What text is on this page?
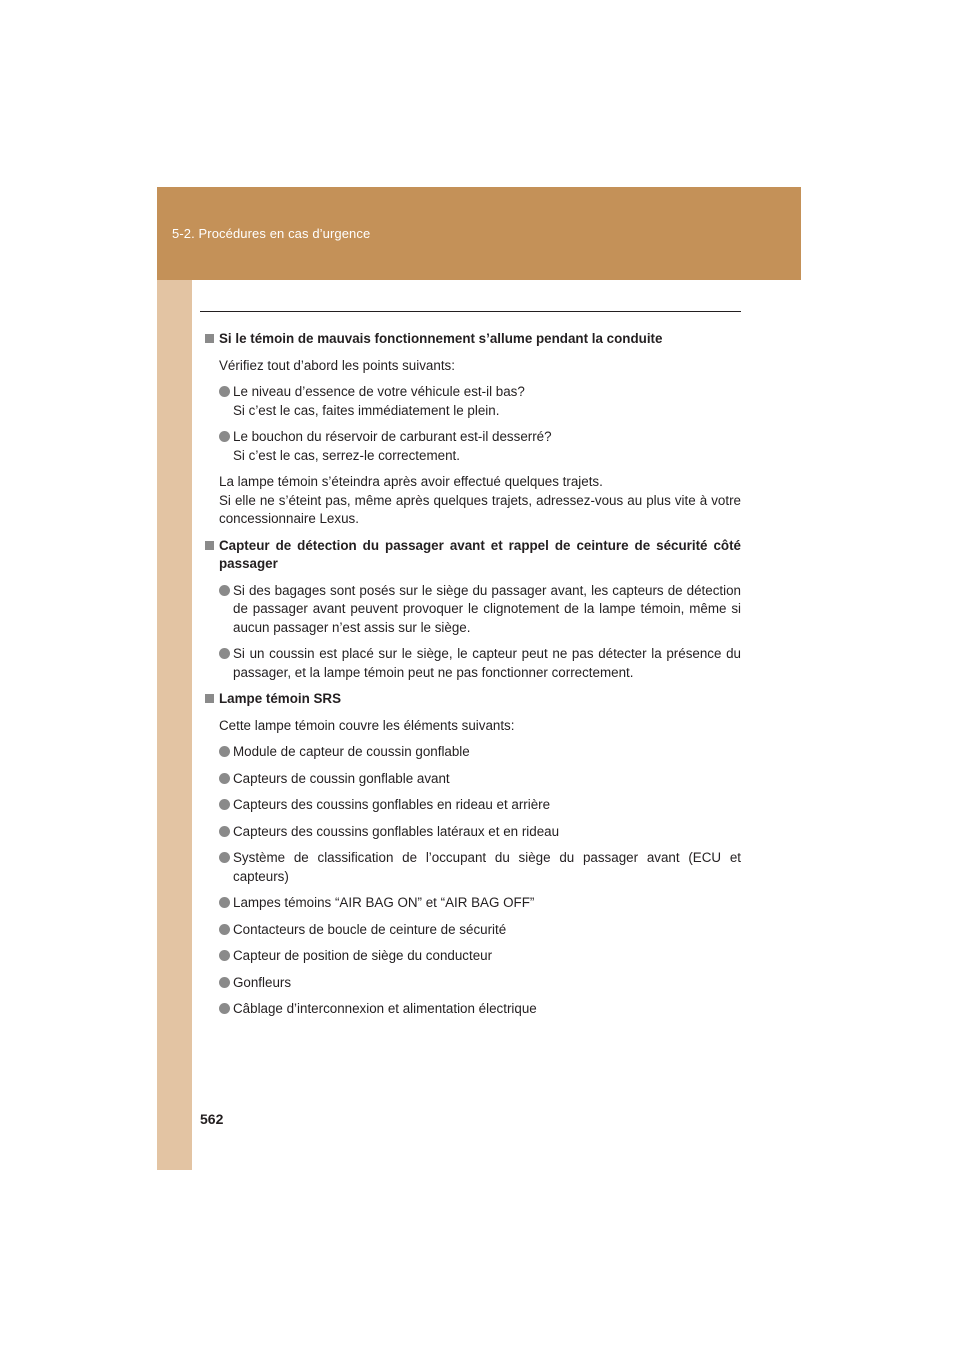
5-2. Procédures en cas d’urgence
Si le témoin de mauvais fonctionnement s’allume pendant la conduite
Vérifiez tout d’abord les points suivants:
Le niveau d’essence de votre véhicule est-il bas?
Si c’est le cas, faites immédiatement le plein.
Le bouchon du réservoir de carburant est-il desserré?
Si c’est le cas, serrez-le correctement.
La lampe témoin s’éteindra après avoir effectué quelques trajets.
Si elle ne s’éteint pas, même après quelques trajets, adressez-vous au plus vite à votre concessionnaire Lexus.
Capteur de détection du passager avant et rappel de ceinture de sécurité côté passager
Si des bagages sont posés sur le siège du passager avant, les capteurs de détection de passager avant peuvent provoquer le clignotement de la lampe témoin, même si aucun passager n’est assis sur le siège.
Si un coussin est placé sur le siège, le capteur peut ne pas détecter la présence du passager, et la lampe témoin peut ne pas fonctionner correctement.
Lampe témoin SRS
Cette lampe témoin couvre les éléments suivants:
Module de capteur de coussin gonflable
Capteurs de coussin gonflable avant
Capteurs des coussins gonflables en rideau et arrière
Capteurs des coussins gonflables latéraux et en rideau
Système de classification de l’occupant du siège du passager avant (ECU et capteurs)
Lampes témoins “AIR BAG ON” et “AIR BAG OFF”
Contacteurs de boucle de ceinture de sécurité
Capteur de position de siège du conducteur
Gonfleurs
Câblage d’interconnexion et alimentation électrique
562
